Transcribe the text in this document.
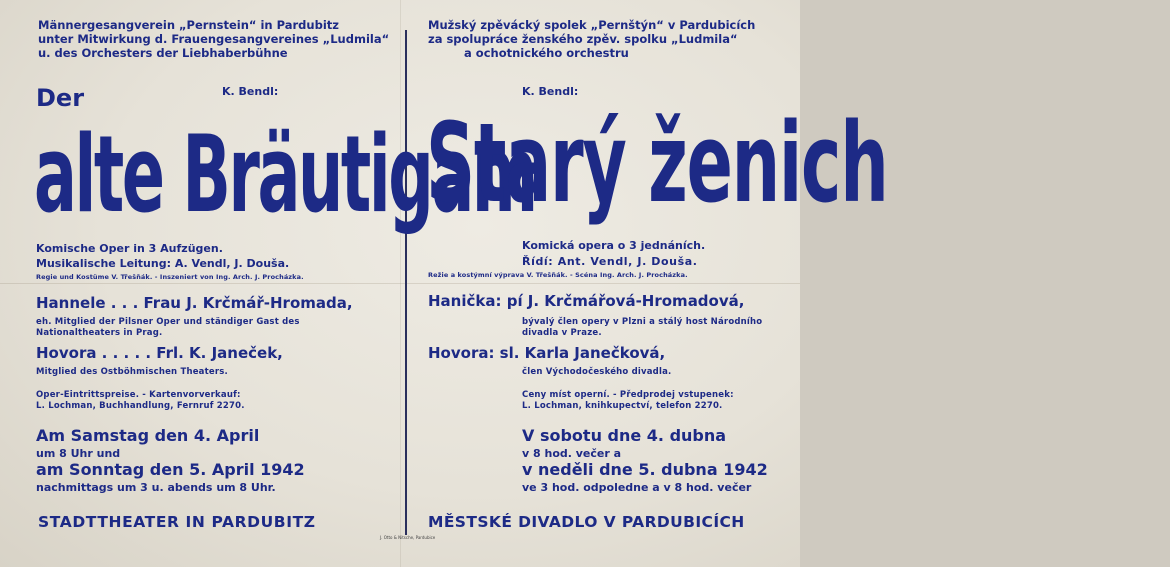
Männergesangverein „Pernstein“ in Pardubitz
unter Mitwirkung d. Frauengesangvereines „Ludmila“
u. des Orchesters der Liebhaberbühne
Der	K. Bendl:
alte Bräutigam
Komische Oper in 3 Aufzügen.
Musikalische Leitung: A. Vendl, J. Douša.
Regie und Kostüme V. Třešňák. - Inszeniert von Ing. Arch. J. Procházka.
Hannele . . . Frau J. Krčmář-Hromada,
eh. Mitglied der Pilsner Oper und ständiger Gast des
Nationaltheaters in Prag.
Hovora . . . . . Frl. K. Janeček,
Mitglied des Ostböhmischen Theaters.
Oper-Eintrittspreise. - Kartenvorverkauf:
L. Lochman, Buchhandlung, Fernruf 2270.
Am Samstag den 4. April
um 8 Uhr und
am Sonntag den 5. April 1942
nachmittags um 3 u. abends um 8 Uhr.
STADTTHEATER IN PARDUBITZ
Mužský zpěvácký spolek „Pernštýn“ v Pardubicích
za spolupráce ženského zpěv. spolku „Ludmila“
a ochotnického orchestru
K. Bendl:
Starý ženich
Komická opera o 3 jednáních.
Řídí: Ant. Vendl, J. Douša.
Režie a kostýmní výprava V. Třešňák. - Scéna Ing. Arch. J. Procházka.
Hanička: pí J. Krčmářová-Hromadová,
bývalý člen opery v Plzni a stálý host Národního
divadla v Praze.
Hovora: sl. Karla Janečková,
člen Východočeského divadla.
Ceny míst operní. - Předprodej vstupenek:
L. Lochman, knihkupectví, telefon 2270.
V sobotu dne 4. dubna
v 8 hod. večer a
v neděli dne 5. dubna 1942
ve 3 hod. odpoledne a v 8 hod. večer
MĚSTSKÉ DIVADLO V PARDUBICÍCH
J. Otto & Nitsche, Pardubice
